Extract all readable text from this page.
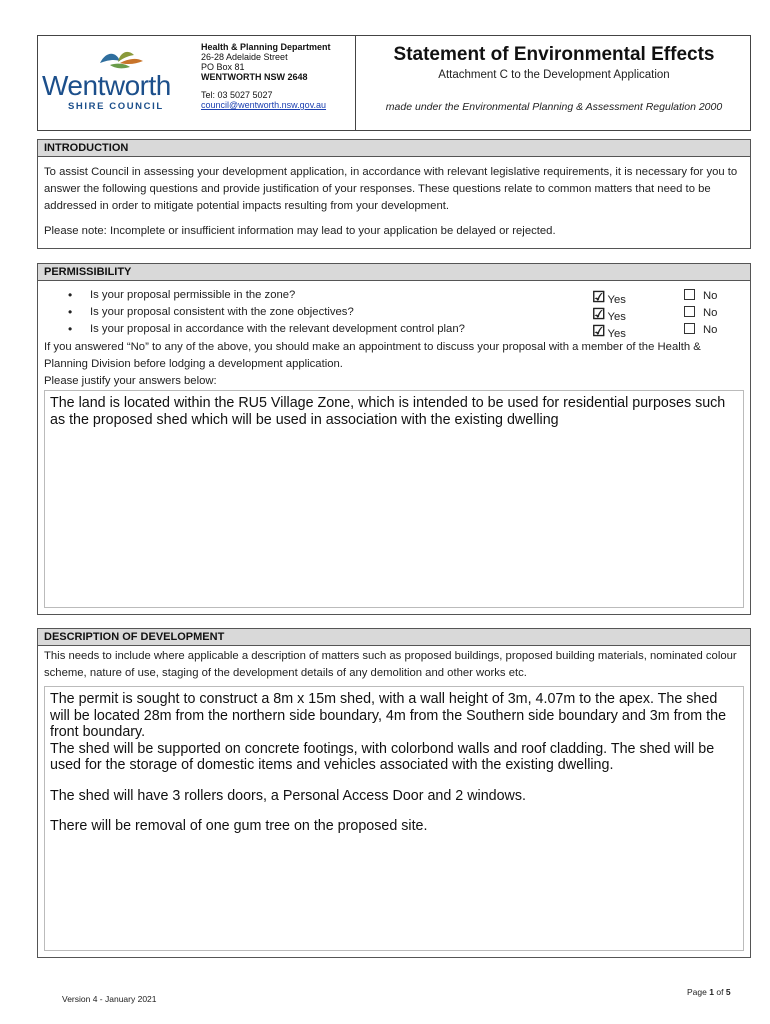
Wentworth
SHIRE COUNCIL
Health & Planning Department
26-28 Adelaide Street
PO Box 81
WENTWORTH NSW 2648
Tel: 03 5027 5027
council@wentworth.nsw.gov.au
Statement of Environmental Effects
Attachment C to the Development Application
made under the Environmental Planning & Assessment Regulation 2000
INTRODUCTION
To assist Council in assessing your development application, in accordance with relevant legislative requirements, it is necessary for you to answer the following questions and provide justification of your responses. These questions relate to common matters that need to be addressed in order to mitigate potential impacts resulting from your development.
Please note: Incomplete or insufficient information may lead to your application be delayed or rejected.
PERMISSIBILITY
• Is your proposal permissible in the zone?	☑ Yes	No
• Is your proposal consistent with the zone objectives?	☑ Yes	No
• Is your proposal in accordance with the relevant development control plan?	☑ Yes	No
If you answered “No” to any of the above, you should make an appointment to discuss your proposal with a member of the Health & Planning Division before lodging a development application.
Please justify your answers below:
The land is located within the RU5 Village Zone, which is intended to be used for residential purposes such as the proposed shed which will be used in association with the existing dwelling
DESCRIPTION OF DEVELOPMENT
This needs to include where applicable a description of matters such as proposed buildings, proposed building materials, nominated colour scheme, nature of use, staging of the development details of any demolition and other works etc.

The permit is sought to construct a 8m x 15m shed, with a wall height of 3m, 4.07m to the apex. The shed will be located 28m from the northern side boundary, 4m from the Southern side boundary and 3m from the front boundary.

The shed will be supported on concrete footings, with colorbond walls and roof cladding. The shed will be used for the storage of domestic items and vehicles associated with the existing dwelling.

The shed will have 3 rollers doors, a Personal Access Door and 2 windows.

There will be removal of one gum tree on the proposed site.

Version 4 - January 2021
Page 1 of 5
